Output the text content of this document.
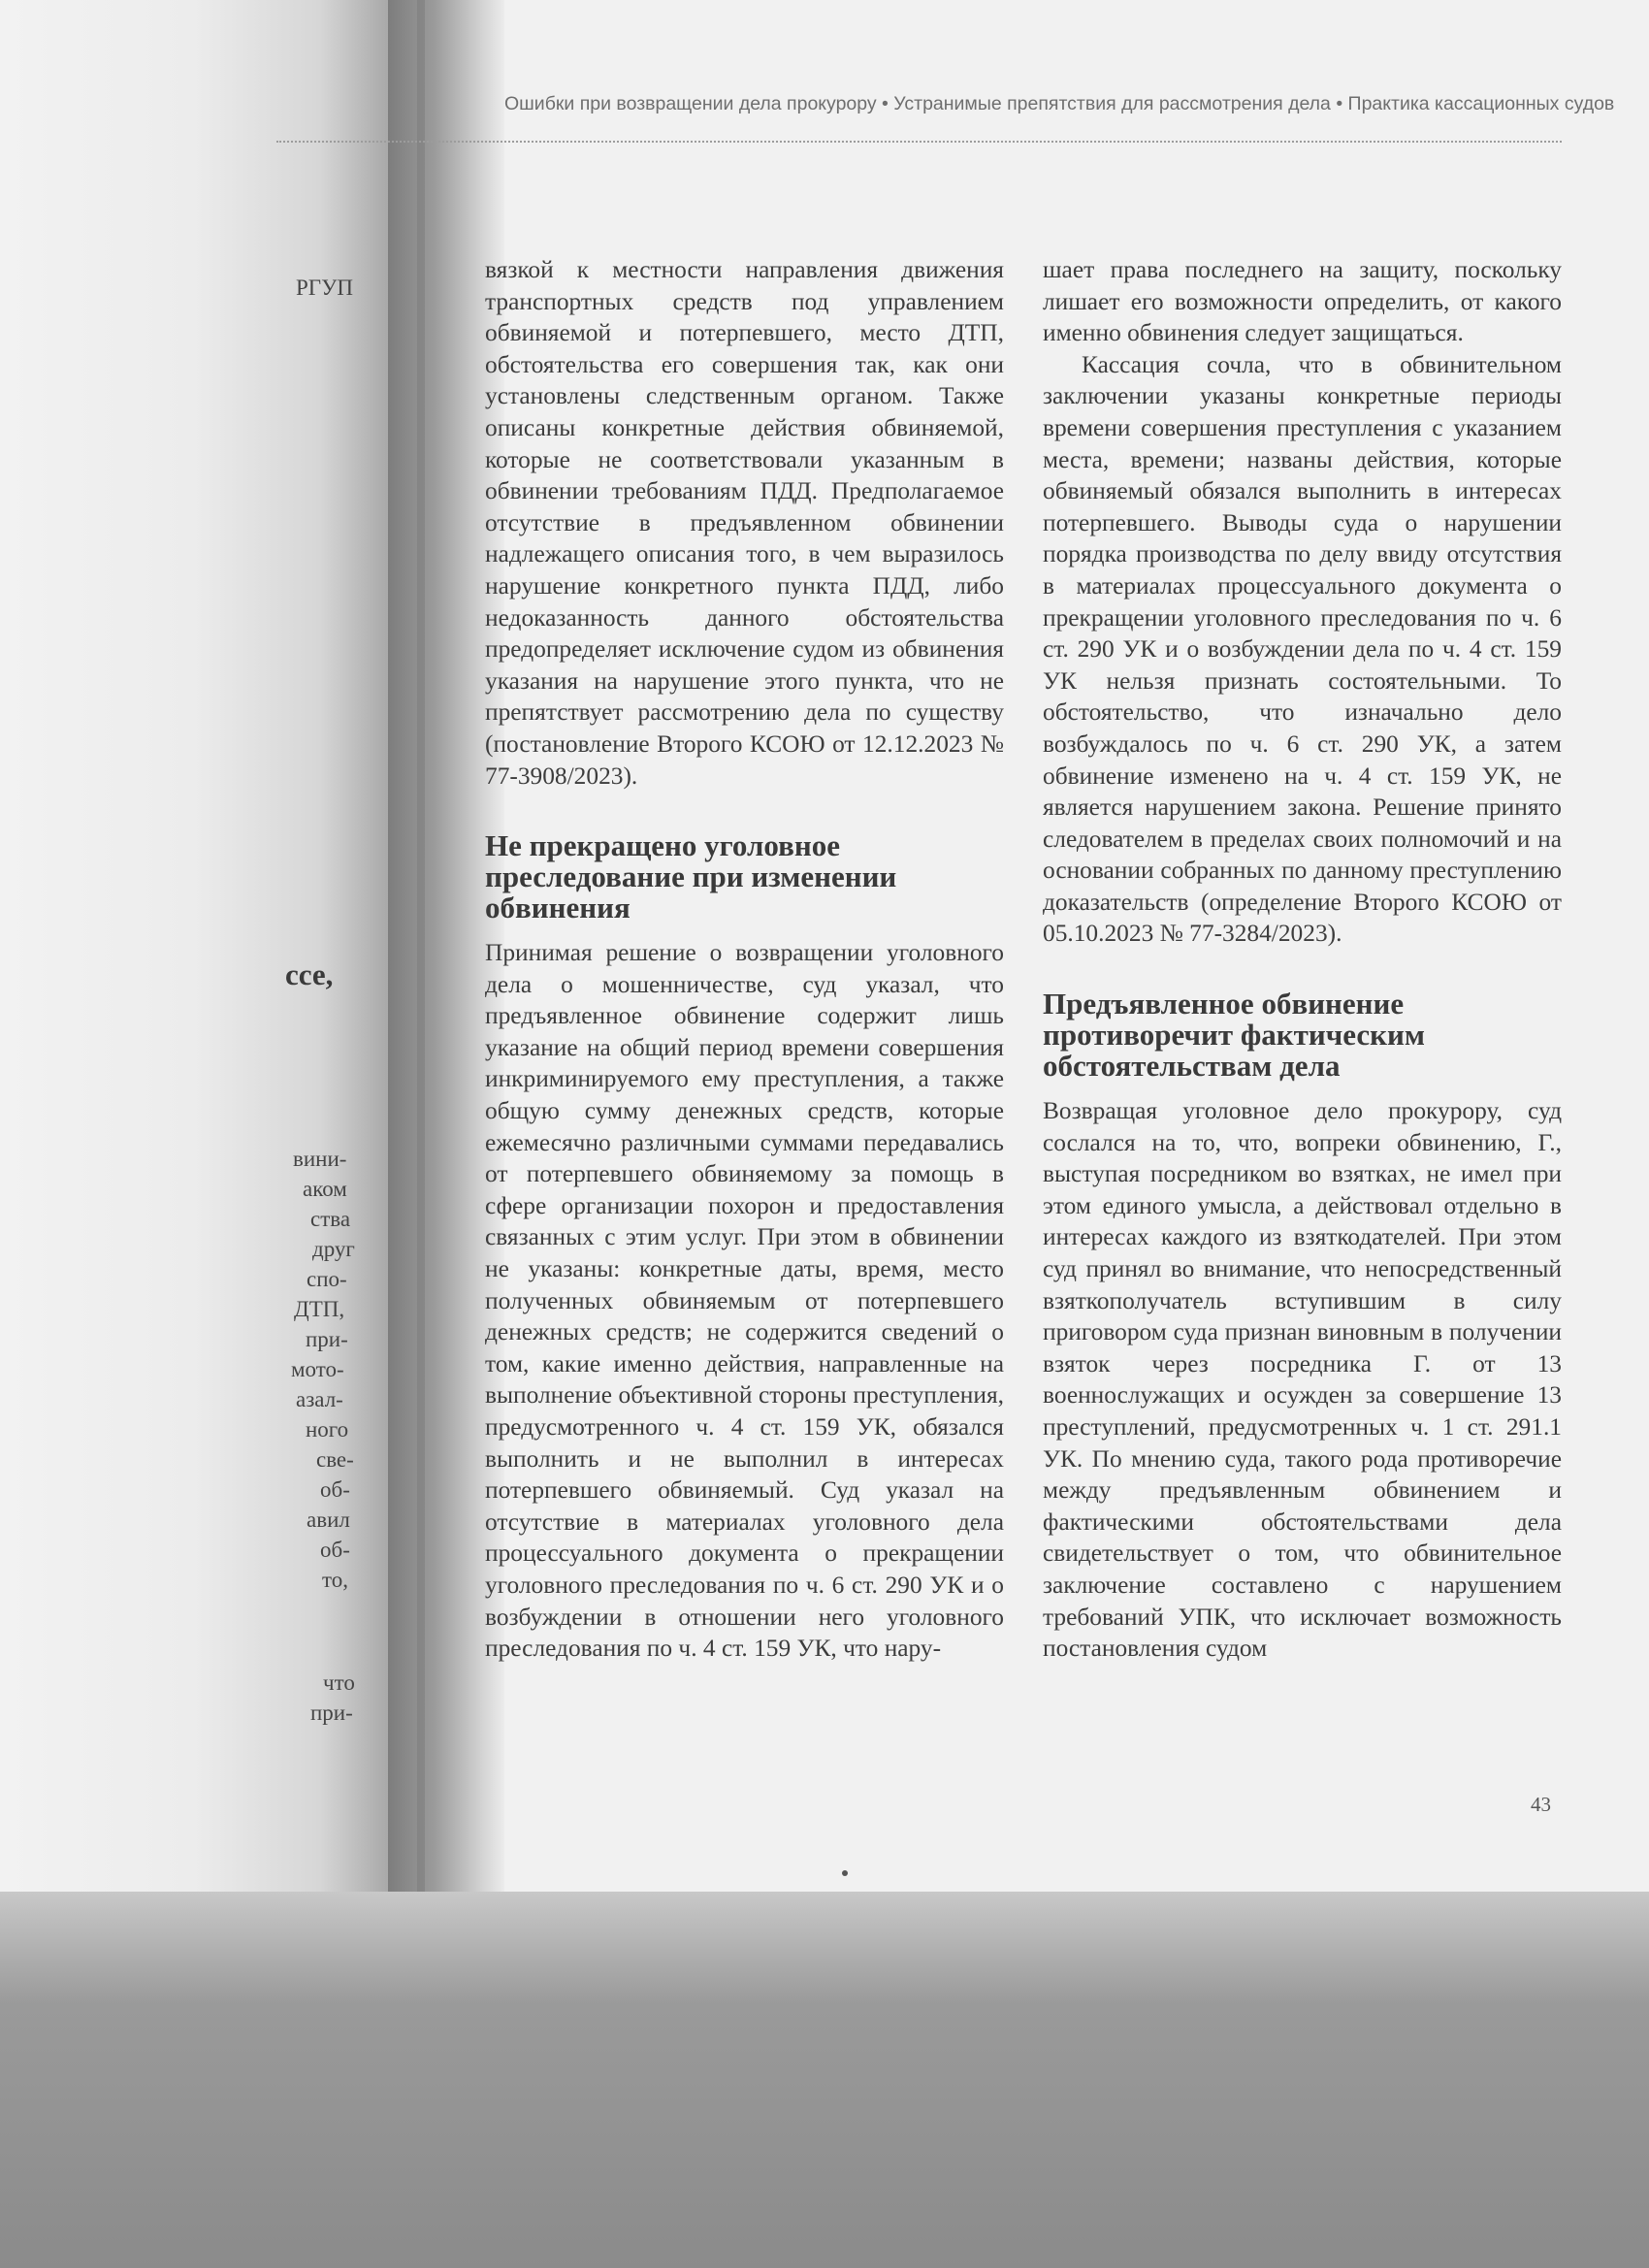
РГУП
ссе,
вини-
аком
ства
друг
спо-
ДТП,
при-
мото-
азал-
ного
све-
об-
авил
об-
то,
что
при-
Ошибки при возвращении дела прокурору • Устранимые препятствия для рассмотрения дела • Практика кассационных судов

вязкой к местности направления движения транспортных средств под управлением обвиняемой и потерпевшего, место ДТП, обстоятельства его совершения так, как они установлены следственным органом. Также описаны конкретные действия обвиняемой, которые не соответствовали указанным в обвинении требованиям ПДД. Предполагаемое отсутствие в предъявленном обвинении надлежащего описания того, в чем выразилось нарушение конкретного пункта ПДД, либо недоказанность данного обстоятельства предопределяет исключение судом из обвинения указания на нарушение этого пункта, что не препятствует рассмотрению дела по существу (постановление Второго КСОЮ от 12.12.2023 № 77-3908/2023).

Не прекращено уголовное преследование при изменении обвинения

Принимая решение о возвращении уголовного дела о мошенничестве, суд указал, что предъявленное обвинение содержит лишь указание на общий период времени совершения инкриминируемого ему преступления, а также общую сумму денежных средств, которые ежемесячно различными суммами передавались от потерпевшего обвиняемому за помощь в сфере организации похорон и предоставления связанных с этим услуг. При этом в обвинении не указаны: конкретные даты, время, место полученных обвиняемым от потерпевшего денежных средств; не содержится сведений о том, какие именно действия, направленные на выполнение объективной стороны преступления, предусмотренного ч. 4 ст. 159 УК, обязался выполнить и не выполнил в интересах потерпевшего обвиняемый. Суд указал на отсутствие в материалах уголовного дела процессуального документа о прекращении уголовного преследования по ч. 6 ст. 290 УК и о возбуждении в отношении него уголовного преследования по ч. 4 ст. 159 УК, что нару-

шает права последнего на защиту, поскольку лишает его возможности определить, от какого именно обвинения следует защищаться.

Кассация сочла, что в обвинительном заключении указаны конкретные периоды времени совершения преступления с указанием места, времени; названы действия, которые обвиняемый обязался выполнить в интересах потерпевшего. Выводы суда о нарушении порядка производства по делу ввиду отсутствия в материалах процессуального документа о прекращении уголовного преследования по ч. 6 ст. 290 УК и о возбуждении дела по ч. 4 ст. 159 УК нельзя признать состоятельными. То обстоятельство, что изначально дело возбуждалось по ч. 6 ст. 290 УК, а затем обвинение изменено на ч. 4 ст. 159 УК, не является нарушением закона. Решение принято следователем в пределах своих полномочий и на основании собранных по данному преступлению доказательств (определение Второго КСОЮ от 05.10.2023 № 77-3284/2023).

Предъявленное обвинение противоречит фактическим обстоятельствам дела

Возвращая уголовное дело прокурору, суд сослался на то, что, вопреки обвинению, Г., выступая посредником во взятках, не имел при этом единого умысла, а действовал отдельно в интересах каждого из взяткодателей. При этом суд принял во внимание, что непосредственный взяткополучатель вступившим в силу приговором суда признан виновным в получении взяток через посредника Г. от 13 военнослужащих и осужден за совершение 13 преступлений, предусмотренных ч. 1 ст. 291.1 УК. По мнению суда, такого рода противоречие между предъявленным обвинением и фактическими обстоятельствами дела свидетельствует о том, что обвинительное заключение составлено с нарушением требований УПК, что исключает возможность постановления судом

43
